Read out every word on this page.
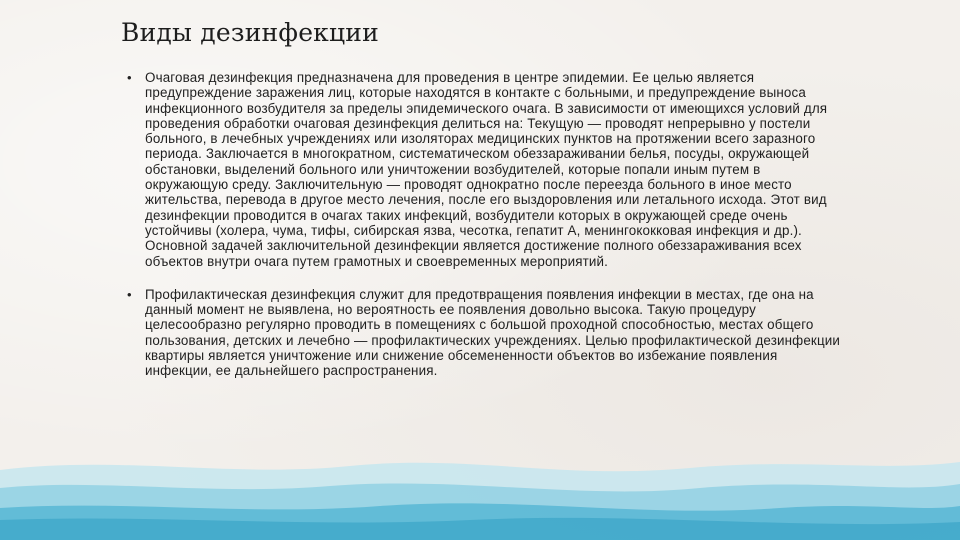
Виды дезинфекции
• Очаговая дезинфекция предназначена для проведения в центре эпидемии. Ее целью является предупреждение заражения лиц, которые находятся в контакте с больными, и предупреждение выноса инфекционного возбудителя за пределы эпидемического очага. В зависимости от имеющихся условий для проведения обработки очаговая дезинфекция делиться на: Текущую — проводят непрерывно у постели больного, в лечебных учреждениях или изоляторах медицинских пунктов на протяжении всего заразного периода. Заключается в многократном, систематическом обеззараживании белья, посуды, окружающей обстановки, выделений больного или уничтожении возбудителей, которые попали иным путем в окружающую среду. Заключительную — проводят однократно после переезда больного в иное место жительства, перевода в другое место лечения, после его выздоровления или летального исхода. Этот вид дезинфекции проводится в очагах таких инфекций, возбудители которых в окружающей среде очень устойчивы (холера, чума, тифы, сибирская язва, чесотка, гепатит А, менингококковая инфекция и др.). Основной задачей заключительной дезинфекции является достижение полного обеззараживания всех объектов внутри очага путем грамотных и своевременных мероприятий.
• Профилактическая дезинфекция служит для предотвращения появления инфекции в местах, где она на данный момент не выявлена, но вероятность ее появления довольно высока. Такую процедуру целесообразно регулярно проводить в помещениях с большой проходной способностью, местах общего пользования, детских и лечебно — профилактических учреждениях. Целью профилактической дезинфекции квартиры является уничтожение или снижение обсемененности объектов во избежание появления инфекции, ее дальнейшего распространения.
